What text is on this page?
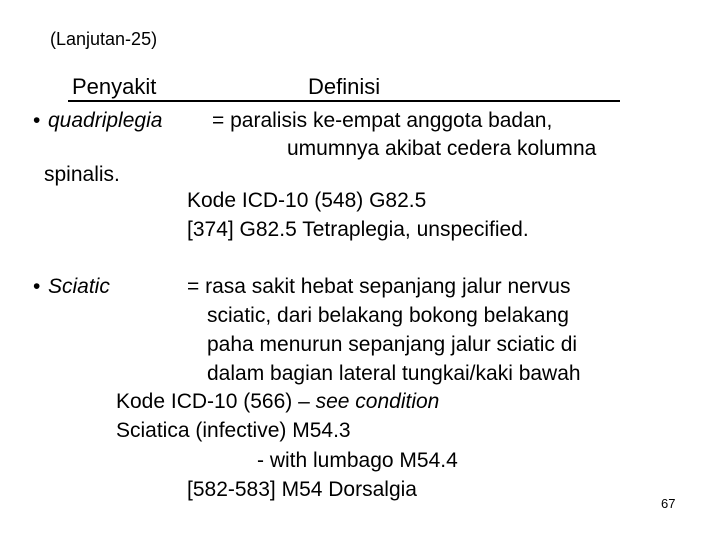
(Lanjutan-25)
Penyakit	Definisi
• quadriplegia = paralisis ke-empat anggota badan,
umumnya akibat cedera kolumna
spinalis.
Kode ICD-10 (548) G82.5
[374] G82.5 Tetraplegia, unspecified.
• Sciatic	= rasa sakit hebat sepanjang jalur nervus
sciatic, dari belakang bokong belakang
paha menurun sepanjang jalur sciatic di
dalam bagian lateral tungkai/kaki bawah
Kode ICD-10 (566) – see condition
Sciatica (infective) M54.3
- with lumbago M54.4
[582-583] M54 Dorsalgia
67
